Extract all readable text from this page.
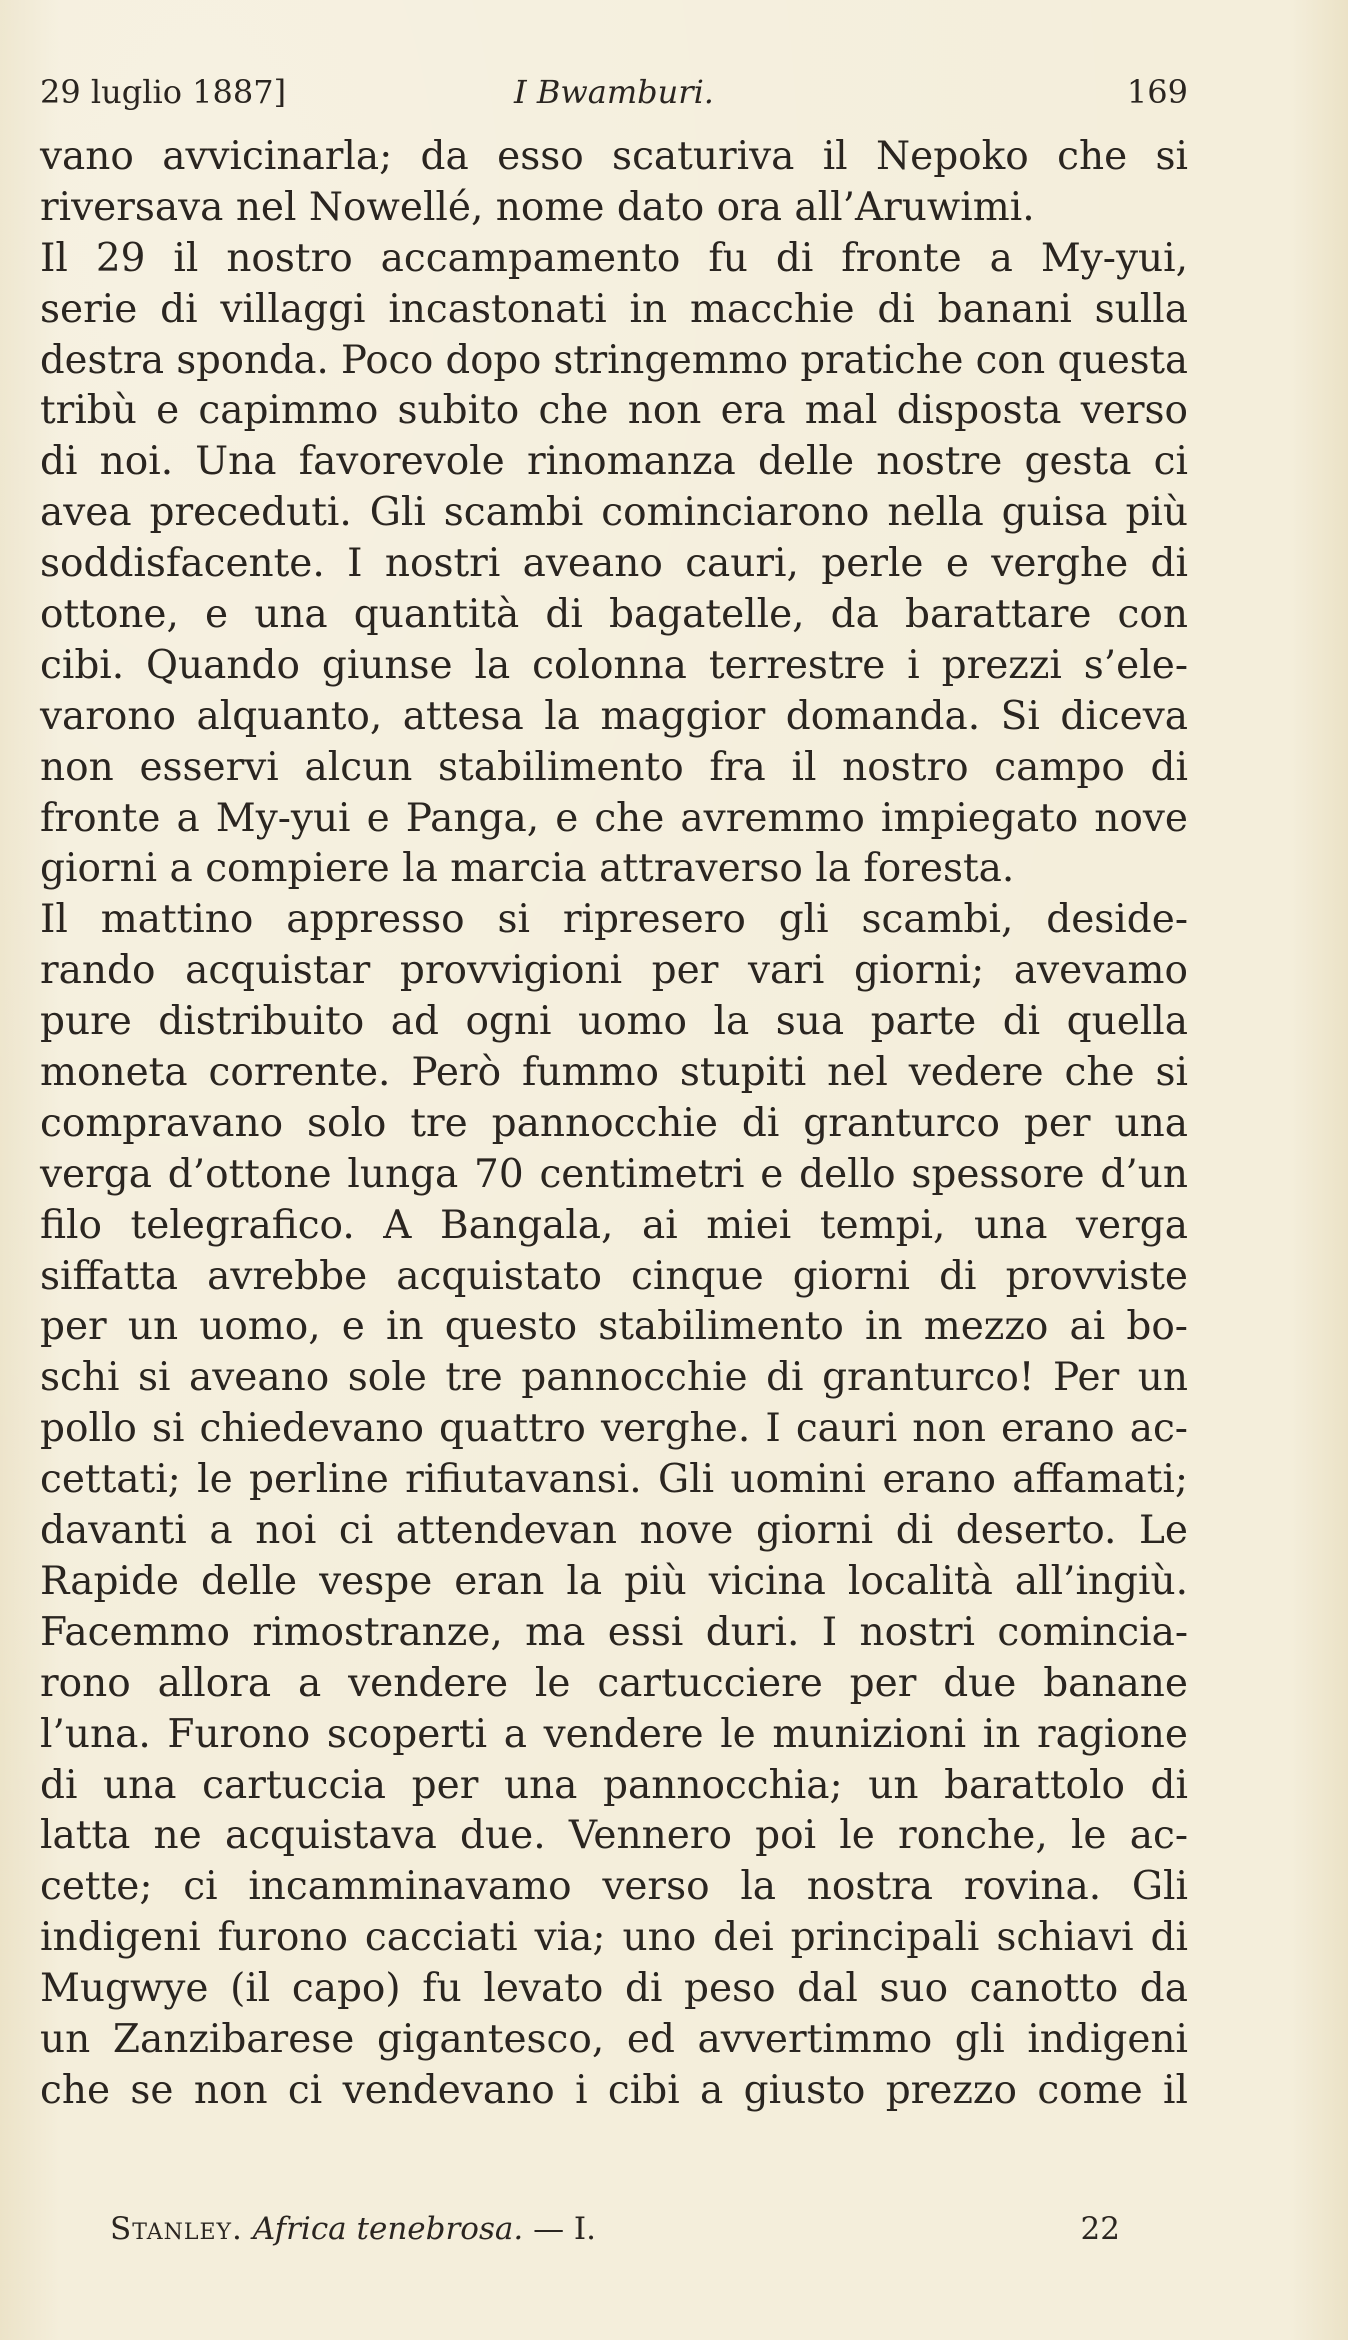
29 luglio 1887]	I Bwamburi.	169
vano avvicinarla; da esso scaturiva il Nepoko che si
riversava nel Nowellé, nome dato ora all’Aruwimi.
Il 29 il nostro accampamento fu di fronte a My-yui,
serie di villaggi incastonati in macchie di banani sulla
destra sponda. Poco dopo stringemmo pratiche con questa
tribù e capimmo subito che non era mal disposta verso
di noi. Una favorevole rinomanza delle nostre gesta ci
avea preceduti. Gli scambi cominciarono nella guisa più
soddisfacente. I nostri aveano cauri, perle e verghe di
ottone, e una quantità di bagatelle, da barattare con
cibi. Quando giunse la colonna terrestre i prezzi s’ele-
varono alquanto, attesa la maggior domanda. Si diceva
non esservi alcun stabilimento fra il nostro campo di
fronte a My-yui e Panga, e che avremmo impiegato nove
giorni a compiere la marcia attraverso la foresta.
Il mattino appresso si ripresero gli scambi, deside-
rando acquistar provvigioni per vari giorni; avevamo
pure distribuito ad ogni uomo la sua parte di quella
moneta corrente. Però fummo stupiti nel vedere che si
compravano solo tre pannocchie di granturco per una
verga d’ottone lunga 70 centimetri e dello spessore d’un
filo telegrafico. A Bangala, ai miei tempi, una verga
siffatta avrebbe acquistato cinque giorni di provviste
per un uomo, e in questo stabilimento in mezzo ai bo-
schi si aveano sole tre pannocchie di granturco! Per un
pollo si chiedevano quattro verghe. I cauri non erano ac-
cettati; le perline rifiutavansi. Gli uomini erano affamati;
davanti a noi ci attendevan nove giorni di deserto. Le
Rapide delle vespe eran la più vicina località all’ingiù.
Facemmo rimostranze, ma essi duri. I nostri comincia-
rono allora a vendere le cartucciere per due banane
l’una. Furono scoperti a vendere le munizioni in ragione
di una cartuccia per una pannocchia; un barattolo di
latta ne acquistava due. Vennero poi le ronche, le ac-
cette; ci incamminavamo verso la nostra rovina. Gli
indigeni furono cacciati via; uno dei principali schiavi di
Mugwye (il capo) fu levato di peso dal suo canotto da
un Zanzibarese gigantesco, ed avvertimmo gli indigeni
che se non ci vendevano i cibi a giusto prezzo come il
Stanley. Africa tenebrosa. — I.	22
